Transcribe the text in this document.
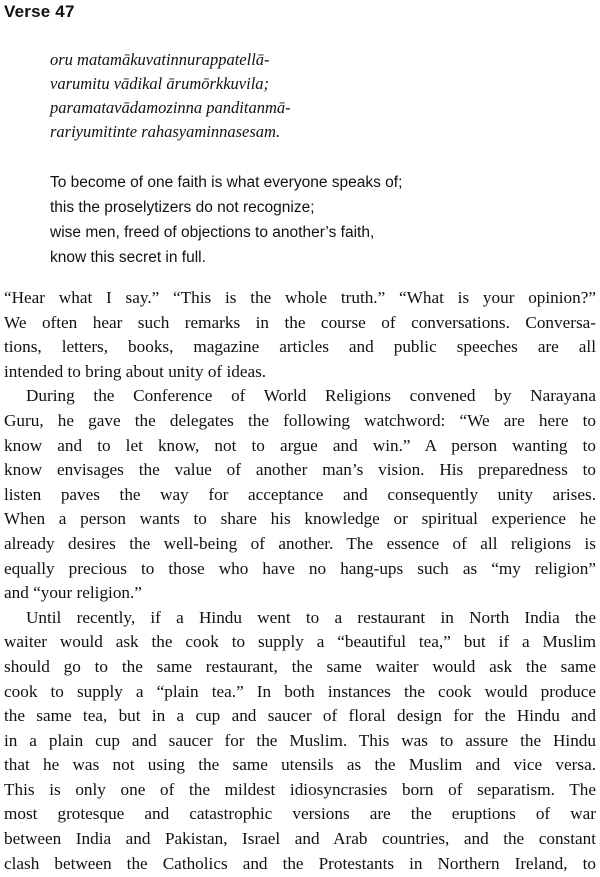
Verse 47
oru matamākuvatinnurappatellā-
varumitu vādikal ārumōrkkuvila;
paramatavādamozinna panditanmā-
rariyumitinte rahasyaminnasesam.
To become of one faith is what everyone speaks of;
this the proselytizers do not recognize;
wise men, freed of objections to another’s faith,
know this secret in full.

“Hear what I say.” “This is the whole truth.” “What is your opinion?”
We often hear such remarks in the course of conversations. Conversa-
tions, letters, books, magazine articles and public speeches are all
intended to bring about unity of ideas.

During the Conference of World Religions convened by Narayana
Guru, he gave the delegates the following watchword: “We are here to
know and to let know, not to argue and win.” A person wanting to
know envisages the value of another man’s vision. His preparedness to
listen paves the way for acceptance and consequently unity arises.
When a person wants to share his knowledge or spiritual experience he
already desires the well-being of another. The essence of all religions is
equally precious to those who have no hang-ups such as “my religion”
and “your religion.”

Until recently, if a Hindu went to a restaurant in North India the
waiter would ask the cook to supply a “beautiful tea,” but if a Muslim
should go to the same restaurant, the same waiter would ask the same
cook to supply a “plain tea.” In both instances the cook would produce
the same tea, but in a cup and saucer of floral design for the Hindu and
in a plain cup and saucer for the Muslim. This was to assure the Hindu
that he was not using the same utensils as the Muslim and vice versa.
This is only one of the mildest idiosyncrasies born of separatism. The
most grotesque and catastrophic versions are the eruptions of war
between India and Pakistan, Israel and Arab countries, and the constant
clash between the Catholics and the Protestants in Northern Ireland, to
